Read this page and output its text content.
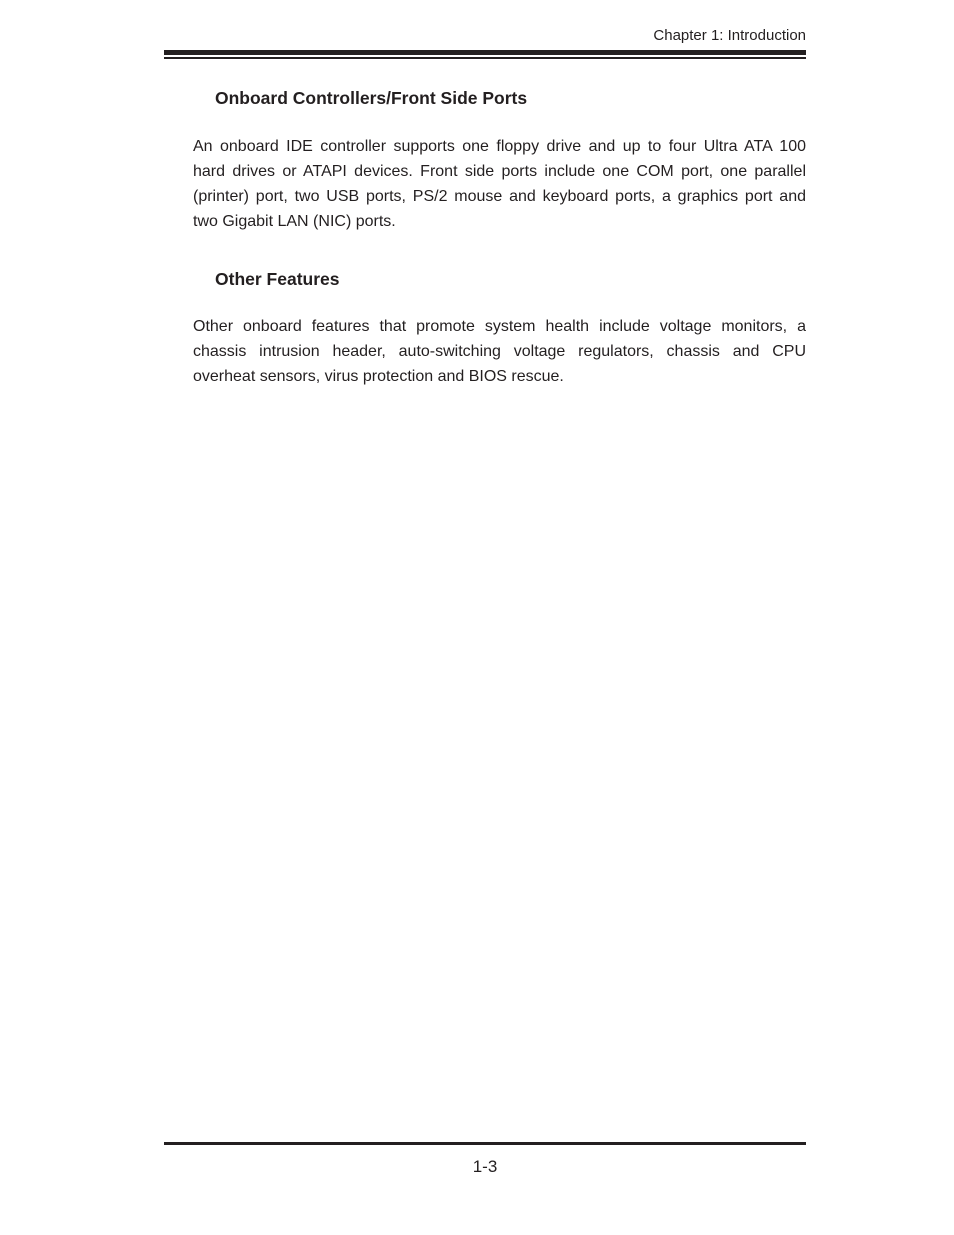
Chapter 1: Introduction
Onboard Controllers/Front Side Ports
An onboard IDE controller supports one floppy drive and up to four Ultra ATA 100
hard drives or ATAPI devices. Front side ports include one COM port, one parallel
(printer) port, two USB ports, PS/2 mouse and keyboard ports, a graphics port and
two Gigabit LAN (NIC) ports.
Other Features
Other onboard features that promote system health include voltage monitors, a
chassis intrusion header, auto-switching voltage regulators, chassis and CPU
overheat sensors, virus protection and BIOS rescue.
1-3
